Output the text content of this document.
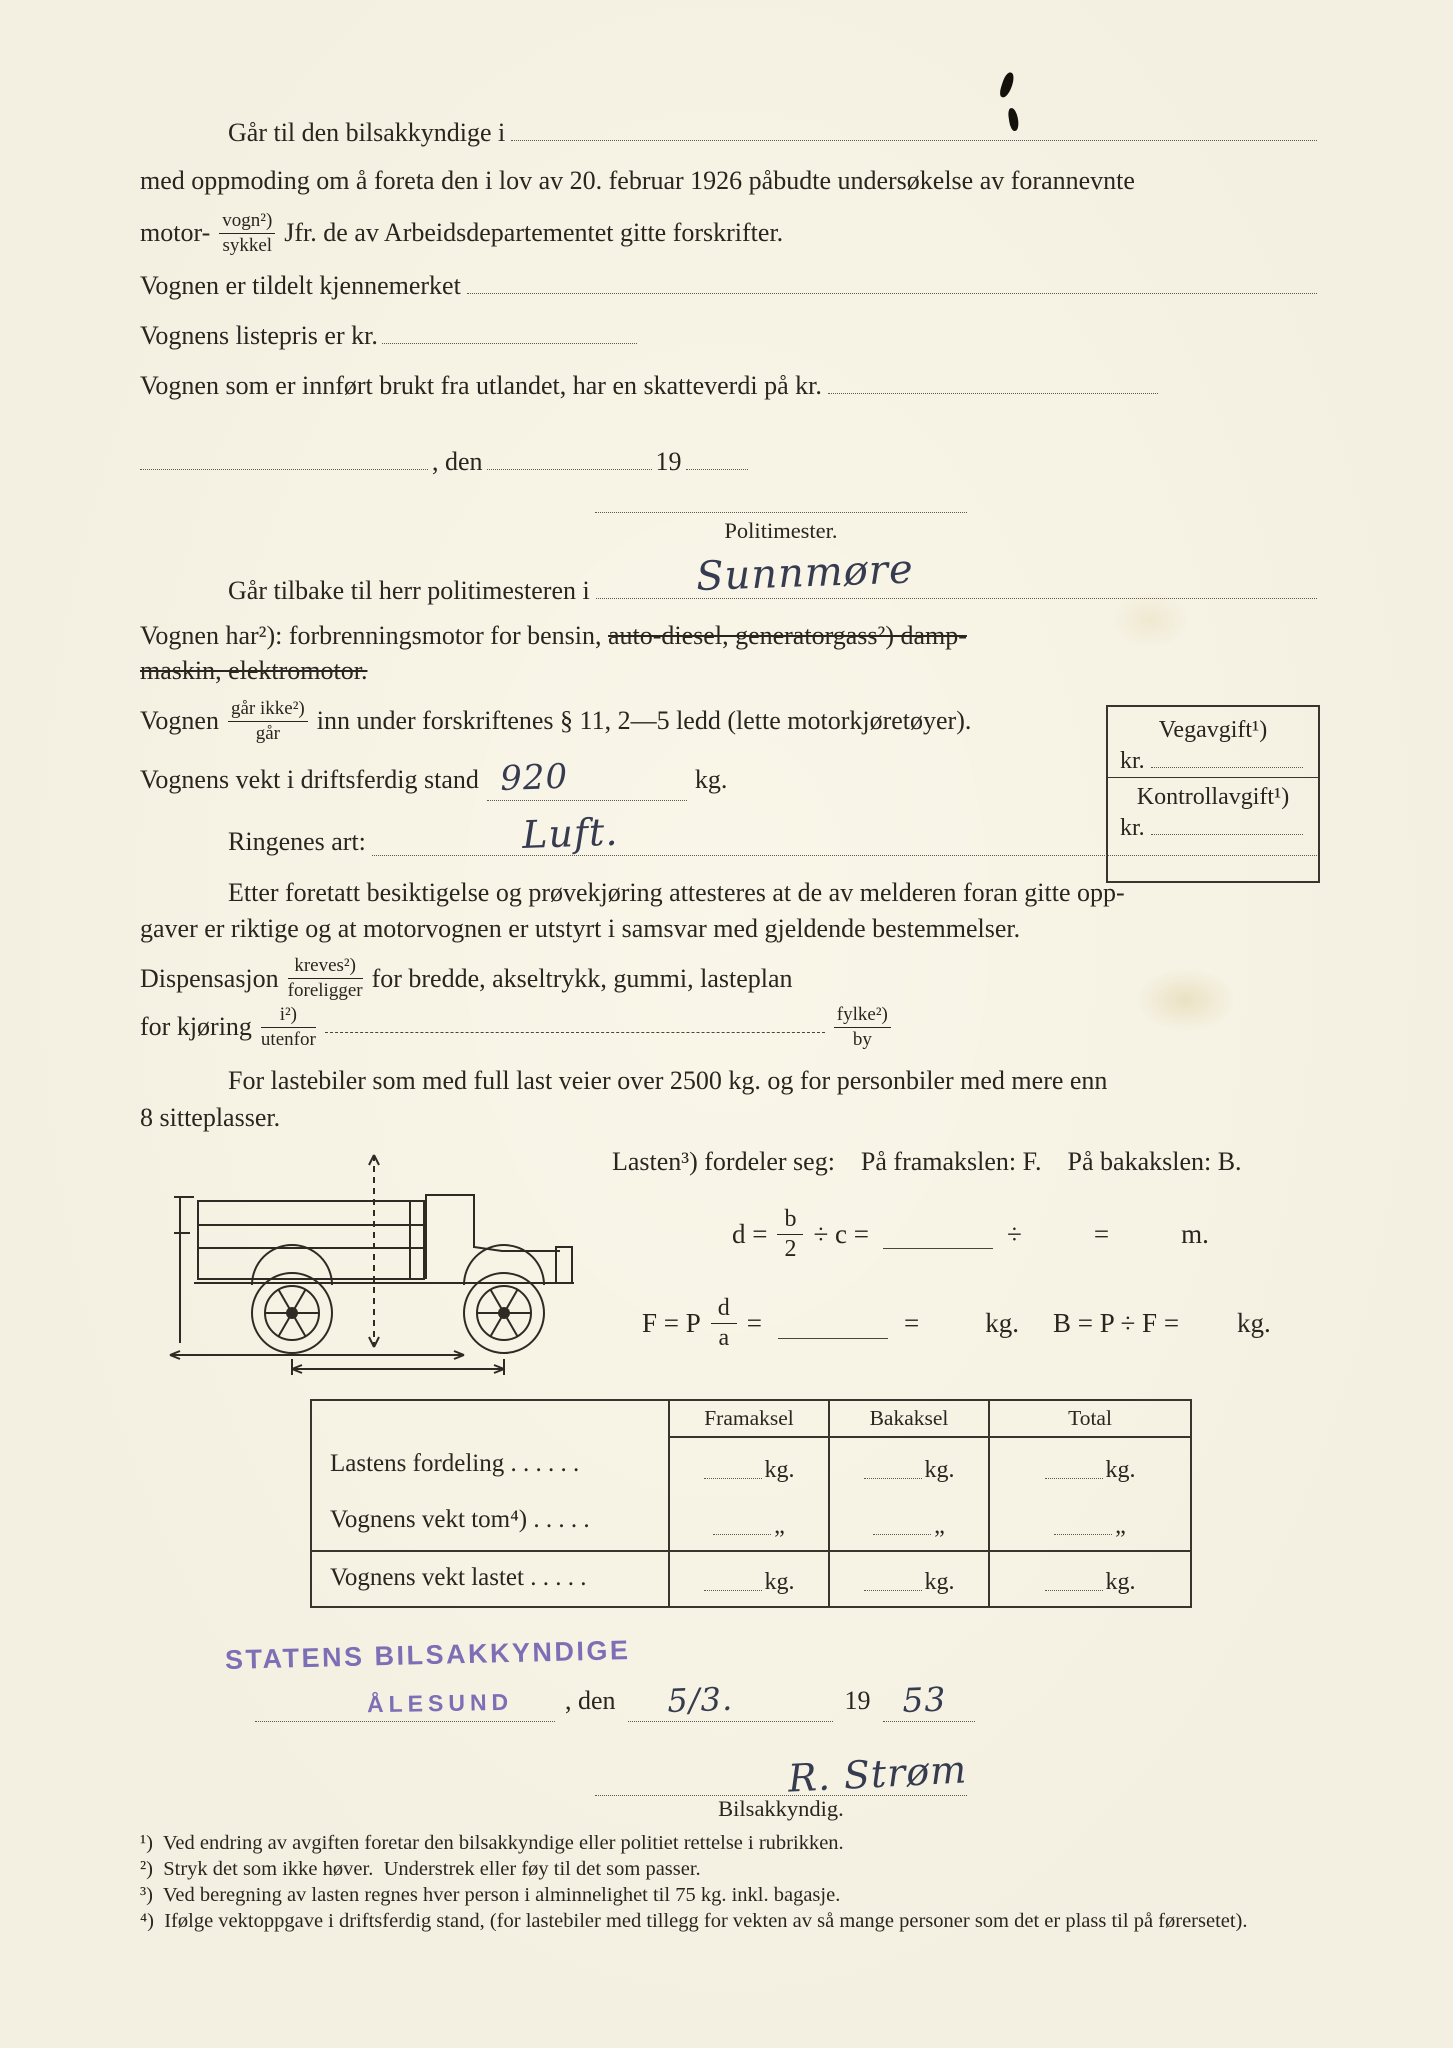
Vegavgift¹)
kr.
Kontrollavgift¹)
kr.
Går til den bilsakkyndige i
med oppmoding om å foreta den i lov av 20. februar 1926 påbudte undersøkelse av forannevnte
motor- $\frac{\text{vogn²)}}{\text{sykkel}}$ Jfr. de av Arbeidsdepartementet gitte forskrifter.
Vognen er tildelt kjennemerket
Vognens listepris er kr.
Vognen som er innført brukt fra utlandet, har en skatteverdi på kr.
, den	19
Politimester.
Går tilbake til herr politimesteren i	Sunnmøre
Vognen har²): forbrenningsmotor for bensin, auto-diesel, generatorgass²) damp-
maskin, elektromotor.
Vognen $\frac{\text{går ikke²)}}{\text{går}}$ inn under forskriftenes § 11, 2—5 ledd (lette motorkjøretøyer).
Vognens vekt i driftsferdig stand 920	kg.
Ringenes art:	Luft.
Etter foretatt besiktigelse og prøvekjøring attesteres at de av melderen foran gitte opp-
gaver er riktige og at motorvognen er utstyrt i samsvar med gjeldende bestemmelser.
Dispensasjon $\frac{\text{kreves²)}}{\text{foreligger}}$ for bredde, akseltrykk, gummi, lasteplan
for kjøring $\frac{\text{i²)}}{\text{utenfor}}$	$\frac{\text{fylke²)}}{by}$
For lastebiler som med full last veier over 2500 kg. og for personbiler med mere enn
8 sitteplasser.
Lasten³) fordeler seg: På framakslen: F. På bakakslen: B.
$d = \frac{b}{2} \div c$ =	÷	=	m.
F = P $\frac{d}{a}$ =	= kg. B = P ÷ F = kg.
Framaksel	Bakaksel	Total
Lastens fordeling . . . . . .	kg.	kg.	kg.
Vognens vekt tom⁴) . . . . .	„	„	„
Vognens vekt lastet . . . . .	kg.	kg.	kg.
STATENS BILSAKKYNDIGE
ÅLESUND , den 5/3.	19 53
R. Strøm
Bilsakkyndig.
¹)  Ved endring av avgiften foretar den bilsakkyndige eller politiet rettelse i rubrikken.
²)  Stryk det som ikke høver.  Understrek eller føy til det som passer.
³)  Ved beregning av lasten regnes hver person i alminnelighet til 75 kg. inkl. bagasje.
⁴)  Ifølge vektoppgave i driftsferdig stand, (for lastebiler med tillegg for vekten av så mange personer som det er plass til på førersetet).
